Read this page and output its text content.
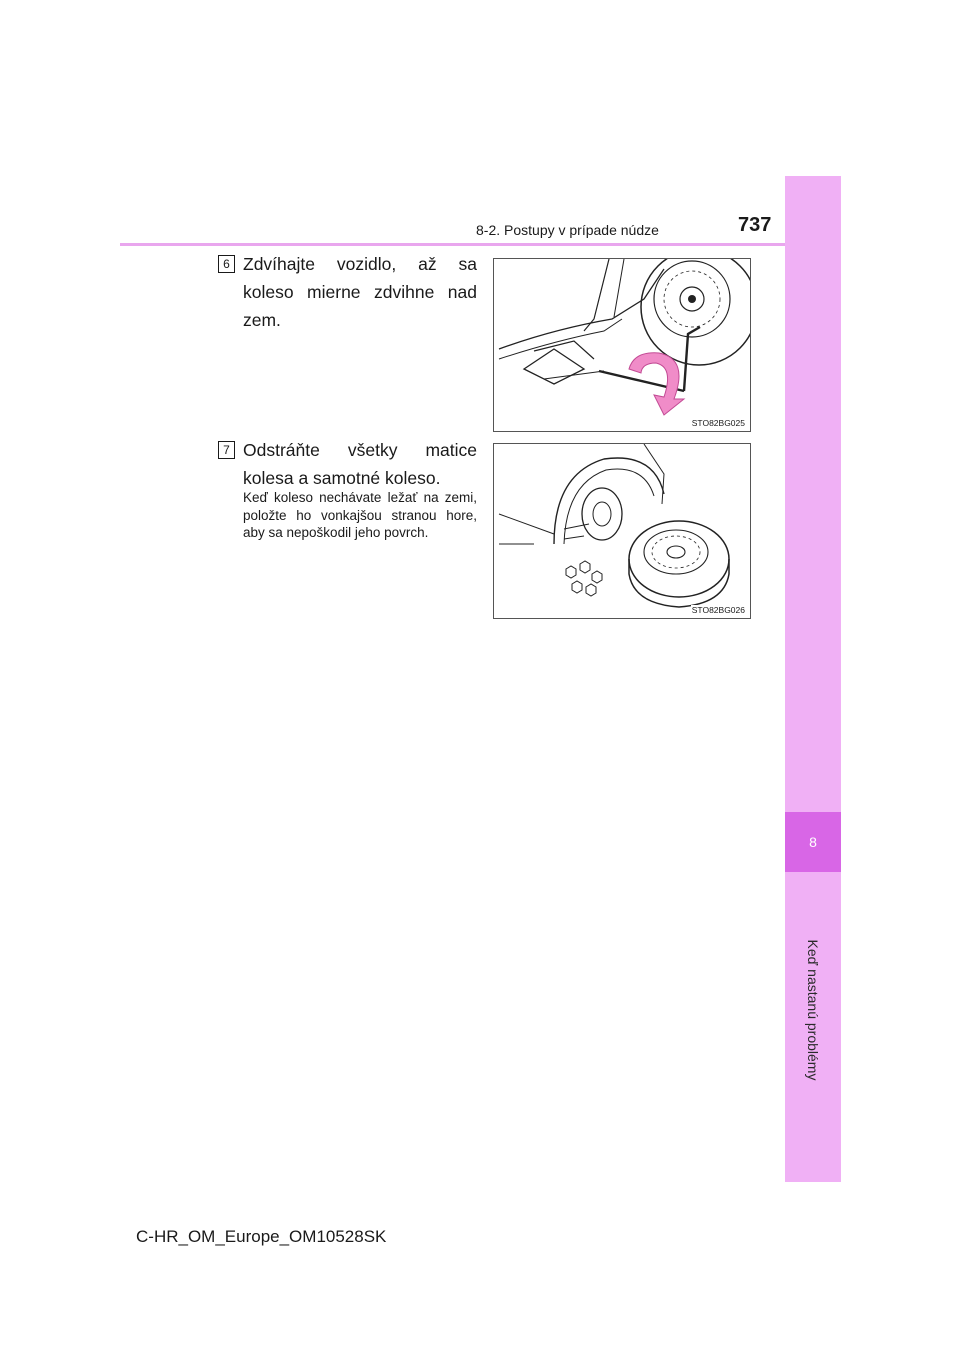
8
Keď nastanú problémy
8-2. Postupy v prípade núdze	737
6 Zdvíhajte vozidlo, až sa koleso mierne zdvihne nad zem.
STO82BG025
7 Odstráňte všetky matice kolesa a samotné koleso.
Keď koleso nechávate ležať na zemi, položte ho vonkajšou stranou hore, aby sa nepoškodil jeho povrch.
STO82BG026
C-HR_OM_Europe_OM10528SK
